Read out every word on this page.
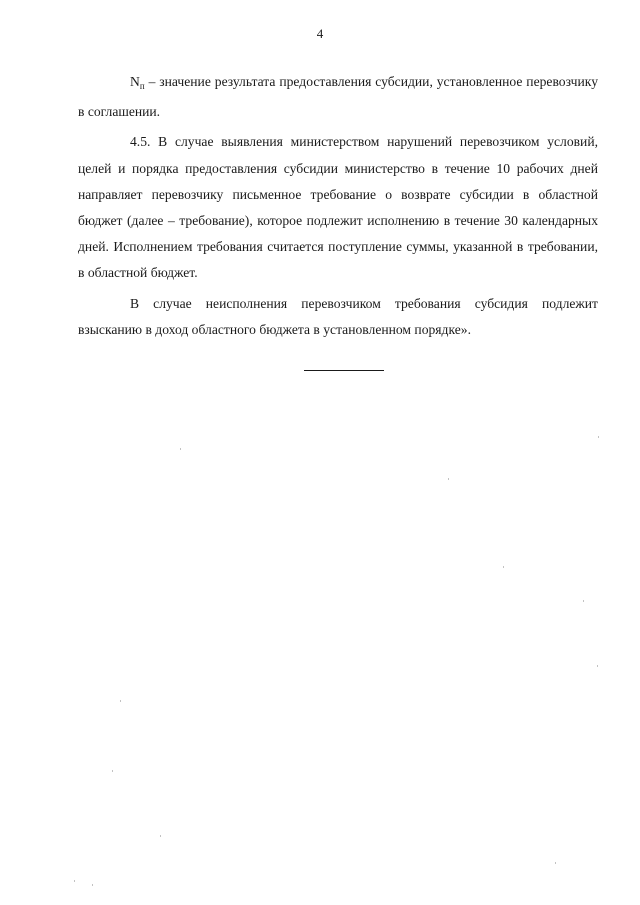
4

$N_п$ – значение результата предоставления субсидии, установленное перевозчику в соглашении.

4.5. В случае выявления министерством нарушений перевозчиком условий, целей и порядка предоставления субсидии министерство в течение 10 рабочих дней направляет перевозчику письменное требование о возврате субсидии в областной бюджет (далее – требование), которое подлежит исполнению в течение 30 календарных дней. Исполнением требования считается поступление суммы, указанной в требовании, в областной бюджет.

В случае неисполнения перевозчиком требования субсидия подлежит взысканию в доход областного бюджета в установленном порядке».
